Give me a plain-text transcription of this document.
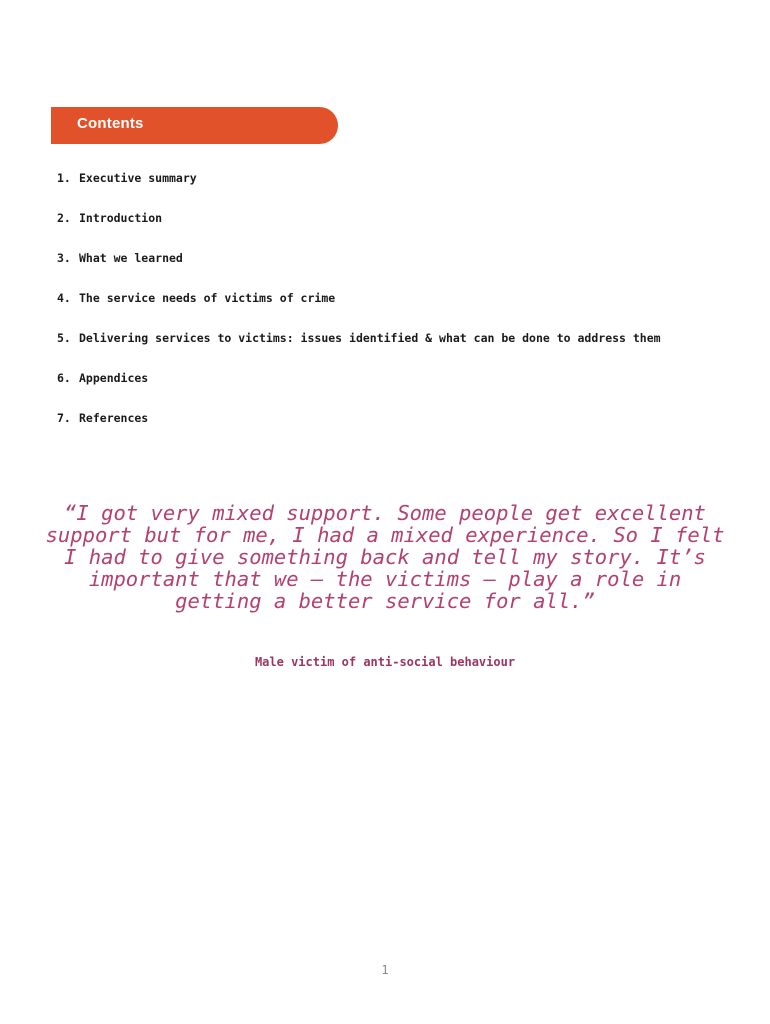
Contents
1. Executive summary
2. Introduction
3. What we learned
4. The service needs of victims of crime
5. Delivering services to victims: issues identified & what can be done to address them
6. Appendices
7. References

“I got very mixed support. Some people get excellent support but for me, I had a mixed experience. So I felt I had to give something back and tell my story. It’s important that we – the victims – play a role in getting a better service for all.”

Male victim of anti-social behaviour
1
